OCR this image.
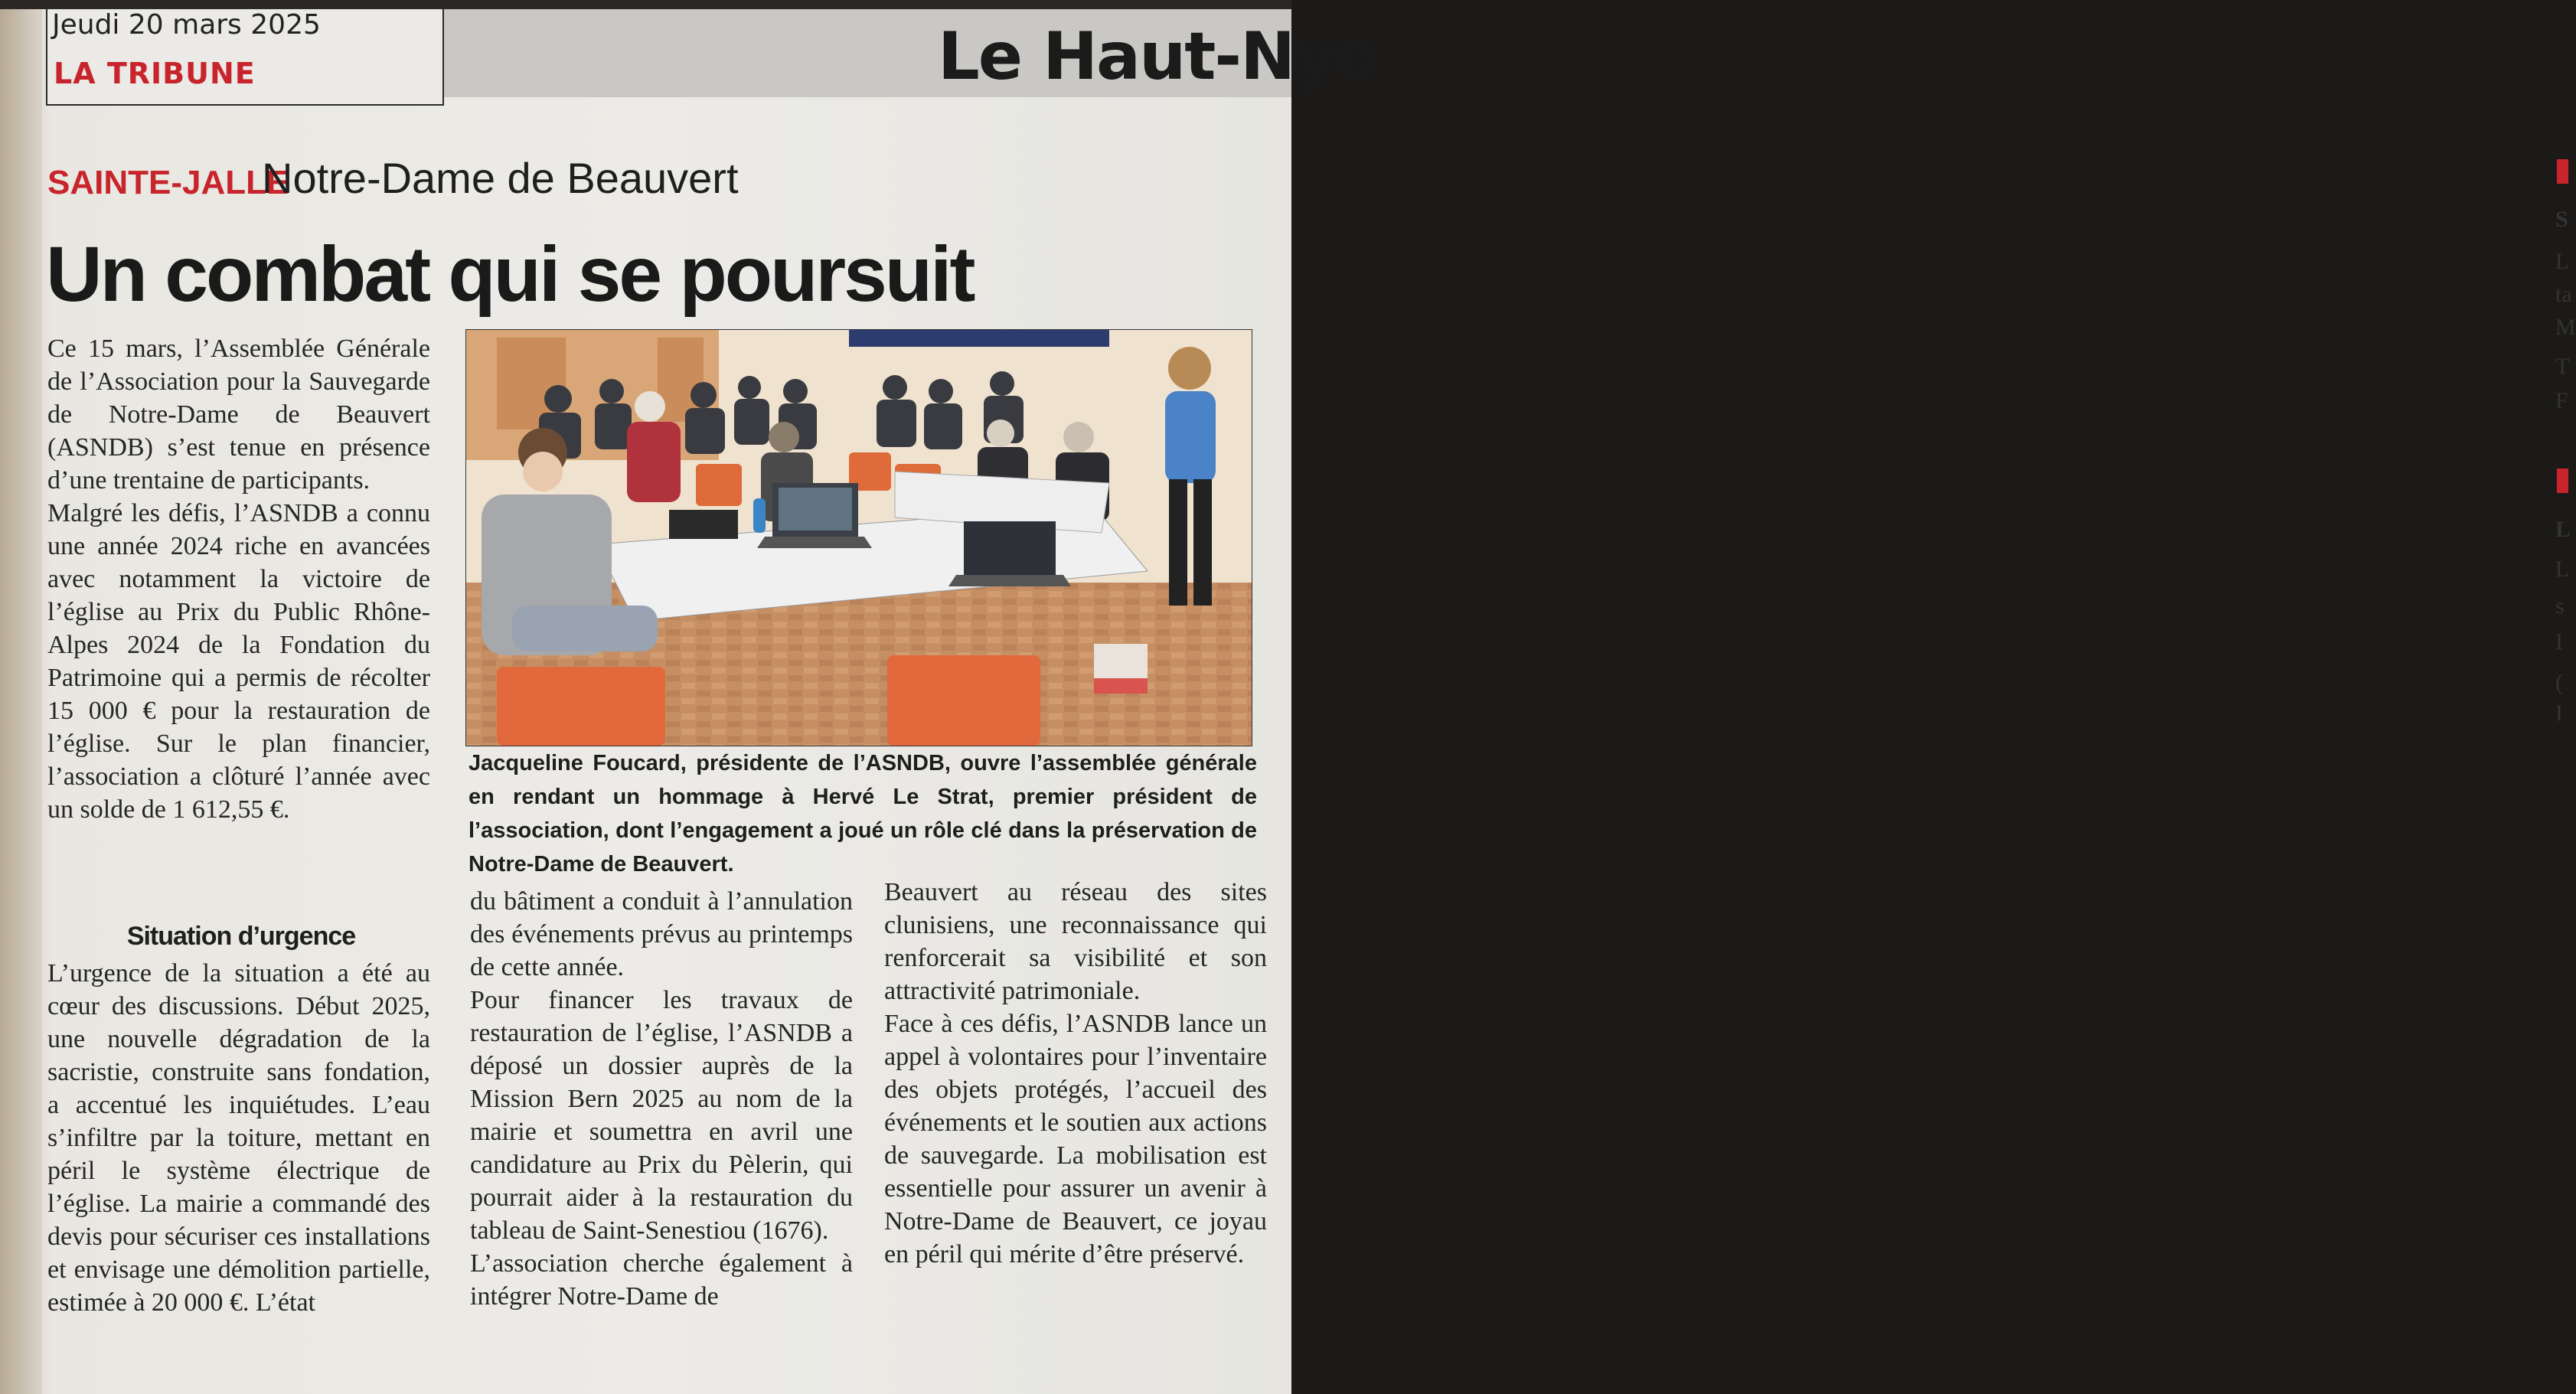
Jeudi 20 mars 2025
LA TRIBUNE	Le Haut-Nyo
SAINTE-JALLE
Notre-Dame de Beauvert
Un combat qui se poursuit

Ce 15 mars, l’Assemblée Générale de l’Association pour la Sauvegarde de Notre-Dame de Beauvert (ASNDB) s’est tenue en présence d’une trentaine de participants.

Malgré les défis, l’ASNDB a connu une année 2024 riche en avancées avec notamment la victoire de l’église au Prix du Public Rhône-Alpes 2024 de la Fondation du Patrimoine qui a permis de récolter 15 000 € pour la restauration de l’église. Sur le plan financier, l’association a clôturé l’année avec un solde de 1 612,55 €.

Situation d’urgence

L’urgence de la situation a été au cœur des discussions. Début 2025, une nouvelle dégradation de la sacristie, construite sans fondation, a accentué les inquiétudes. L’eau s’infiltre par la toiture, mettant en péril le système électrique de l’église. La mairie a commandé des devis pour sécuriser ces installations et envisage une démolition partielle, estimée à 20 000 €. L’état

Jacqueline Foucard, présidente de l’ASNDB, ouvre l’assemblée générale en rendant un hommage à Hervé Le Strat, premier président de l’association, dont l’engagement a joué un rôle clé dans la préservation de Notre-Dame de Beauvert.

du bâtiment a conduit à l’annulation des événements prévus au printemps de cette année.

Pour financer les travaux de restauration de l’église, l’ASNDB a déposé un dossier auprès de la Mission Bern 2025 au nom de la mairie et soumettra en avril une candidature au Prix du Pèlerin, qui pourrait aider à la restauration du tableau de Saint-Senestiou (1676).

L’association cherche également à intégrer Notre-Dame de

Beauvert au réseau des sites clunisiens, une reconnaissance qui renforcerait sa visibilité et son attractivité patrimoniale.

Face à ces défis, l’ASNDB lance un appel à volontaires pour l’inventaire des objets protégés, l’accueil des événements et le soutien aux actions de sauvegarde. La mobilisation est essentielle pour assurer un avenir à Notre-Dame de Beauvert, ce joyau en péril qui mérite d’être préservé.

S
L
ta
M
T
F
L
L
s
I
(
I
